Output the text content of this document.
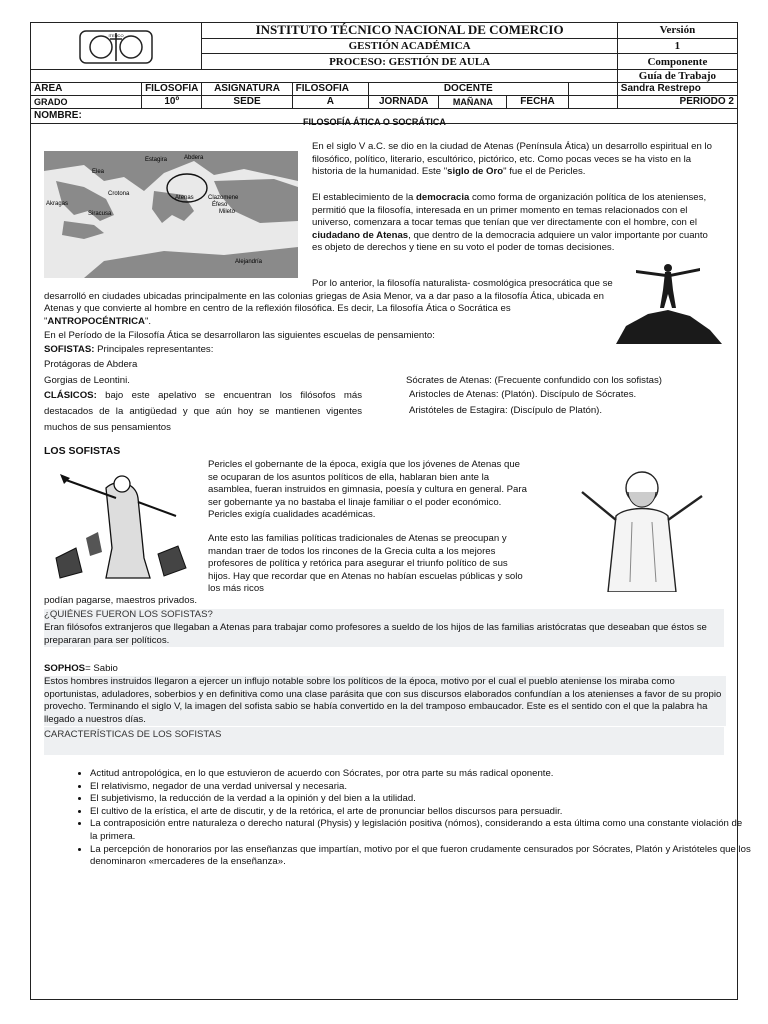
ITENCO		INSTITUTO TÉCNICO NACIONAL DE COMERCIO						Versión
		GESTIÓN ACADÉMICA						1
		PROCESO: GESTIÓN DE AULA						Componente
								Guía de Trabajo
ÁREA	FILOSOFIA	ASIGNATURA	FILOSOFIA	DOCENTE				Sandra Restrepo
GRADO	10º	SEDE	A	JORNADA	MAÑANA	FECHA		PERIODO 2
NOMBRE:								
FILOSOFÍA ÁTICA O SOCRÁTICA
Estagira	Abdera
Elea
Crotona
Atenas Clazomene
Éfeso
Mileto
Siracusa
Akragas
Alejandría
En el siglo V a.C. se dio en la ciudad de Atenas (Península Ática) un desarrollo espiritual en lo filosófico, político, literario, escultórico, pictórico, etc. Como pocas veces se ha visto en la historia de la humanidad. Este "siglo de Oro" fue el de Pericles.
El establecimiento de la democracia como forma de organización política de los atenienses, permitió que la filosofía, interesada en un primer momento en temas relacionados con el universo, comenzara a tocar temas que tenían que ver directamente con el hombre, con el ciudadano de Atenas, que dentro de la democracia adquiere un valor importante por cuanto es objeto de derechos y tiene en su voto el poder de tomas decisiones.
Por lo anterior, la filosofía naturalista- cosmológica presocrática que se desarrolló en ciudades ubicadas principalmente en las colonias griegas de Asia Menor, va a dar paso a la filosofía Ática, ubicada en Atenas y que convierte al hombre en centro de la reflexión filosófica. Es decir, La filosofía Ática o Socrática es "ANTROPOCÉNTRICA".
En el Período de la Filosofía Ática se desarrollaron las siguientes escuelas de pensamiento:
SOFISTAS: Principales representantes:
Protágoras de Abdera
Gorgias de Leontini.
CLÁSICOS: bajo este apelativo se encuentran los filósofos más destacados de la antigüedad y que aún hoy se mantienen vigentes muchos de sus pensamientos
Sócrates de Atenas: (Frecuente confundido con los sofistas)
Aristocles de Atenas: (Platón). Discípulo de Sócrates.
Aristóteles de Estagira: (Discípulo de Platón).
LOS SOFISTAS
Pericles el gobernante de la época, exigía que los jóvenes de Atenas que se ocuparan de los asuntos políticos de ella, hablaran bien ante la asamblea, fueran instruidos en gimnasia, poesía y cultura en general. Para ser gobernante ya no bastaba el linaje familiar o el poder económico. Pericles exigía cualidades académicas.
Ante esto las familias políticas tradicionales de Atenas se preocupan y mandan traer de todos los rincones de la Grecia culta a los mejores profesores de política y retórica para asegurar el triunfo político de sus hijos. Hay que recordar que en Atenas no habían escuelas públicas y solo los más ricos
podían pagarse, maestros privados.
¿QUIÉNES FUERON LOS SOFISTAS?
Eran filósofos extranjeros que llegaban a Atenas para trabajar como profesores a sueldo de los hijos de las familias aristócratas que deseaban que éstos se prepararan para ser políticos.
SOPHOS= Sabio
Estos hombres instruidos llegaron a ejercer un influjo notable sobre los políticos de la época, motivo por el cual el pueblo ateniense los miraba como oportunistas, aduladores, soberbios y en definitiva como una clase parásita que con sus discursos elaborados confundían a los atenienses a favor de su propio provecho. Terminando el siglo V, la imagen del sofista sabio se había convertido en la del tramposo embaucador. Este es el sentido con el que la palabra ha llegado a nuestros días.
CARACTERÍSTICAS DE LOS SOFISTAS
• Actitud antropológica, en lo que estuvieron de acuerdo con Sócrates, por otra parte su más radical oponente.
• El relativismo, negador de una verdad universal y necesaria.
• El subjetivismo, la reducción de la verdad a la opinión y del bien a la utilidad.
• El cultivo de la erística, el arte de discutir, y de la retórica, el arte de pronunciar bellos discursos para persuadir.
• La contraposición entre naturaleza o derecho natural (Physis) y legislación positiva (nómos), considerando a esta última como una constante violación de la primera.
• La percepción de honorarios por las enseñanzas que impartían, motivo por el que fueron crudamente censurados por Sócrates, Platón y Aristóteles que los denominaron «mercaderes de la enseñanza».
